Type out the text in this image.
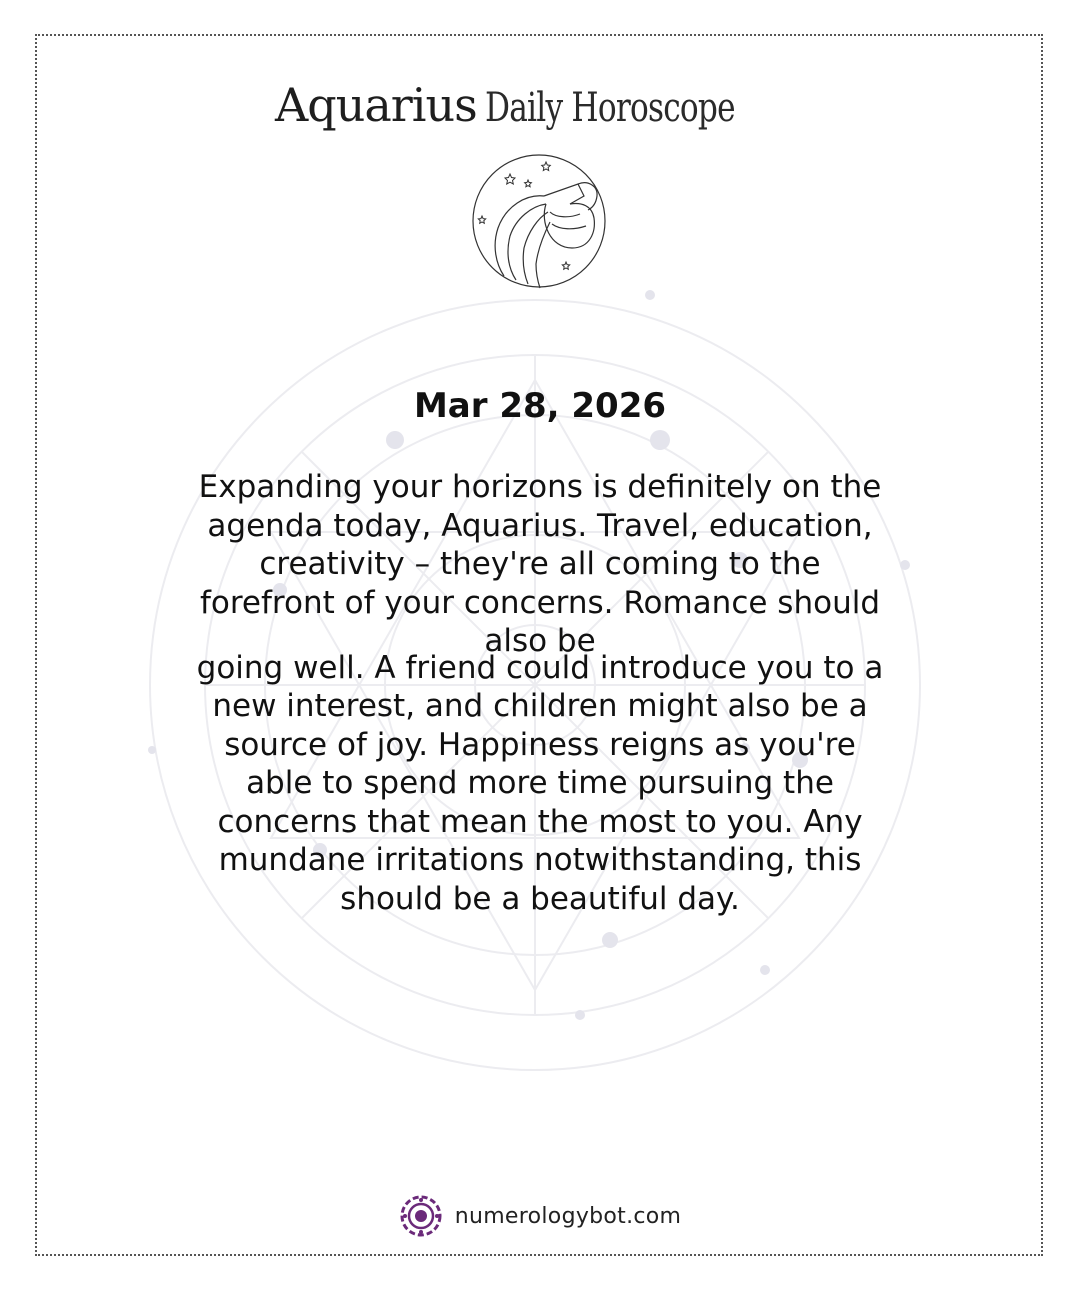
Aquarius Daily Horoscope
Mar 28, 2026

Expanding your horizons is definitely on the agenda today, Aquarius. Travel, education, creativity – they're all coming to the forefront of your concerns. Romance should also be

going well. A friend could introduce you to a new interest, and children might also be a source of joy. Happiness reigns as you're able to spend more time pursuing the concerns that mean the most to you. Any mundane irritations notwithstanding, this should be a beautiful day.

numerologybot.com
